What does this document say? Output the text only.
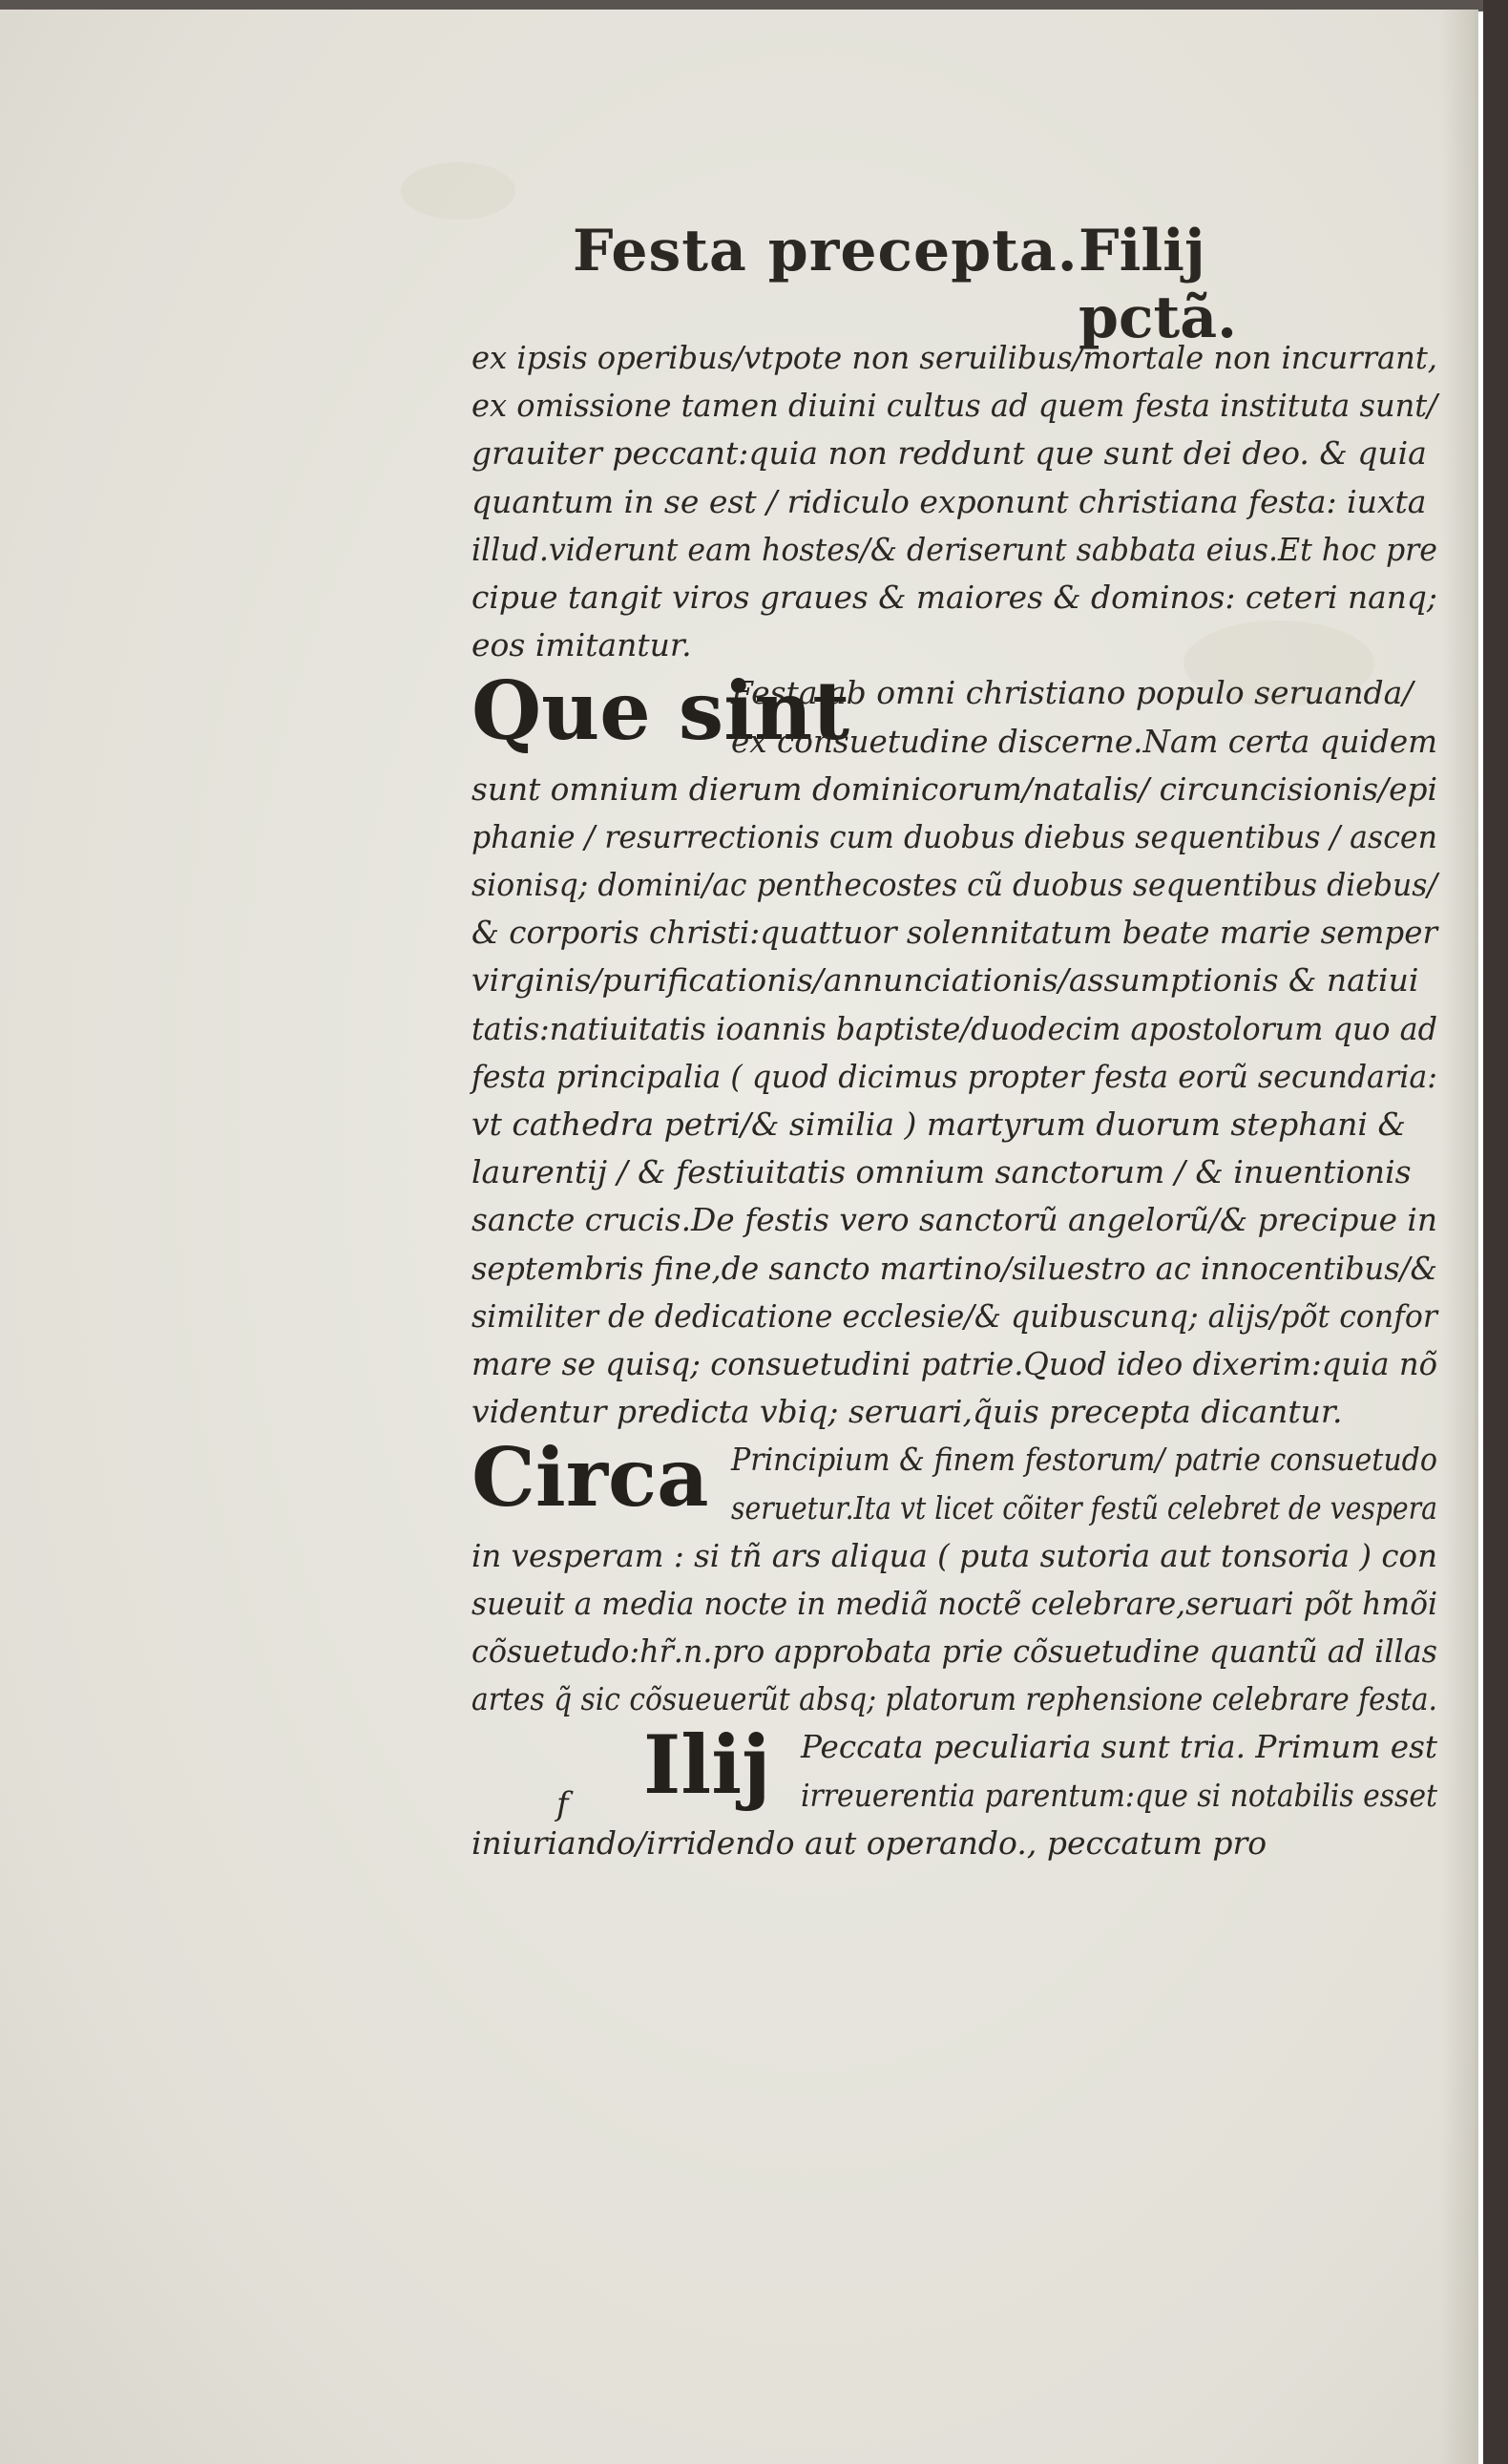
Festa precepta. Filij pctã.
ex ipsis operibus/vtpote non seruilibus/mortale non incurrant,
ex omissione tamen diuini cultus ad quem festa instituta sunt/
grauiter peccant:quia non reddunt que sunt dei deo. & quia
quantum in se est / ridiculo exponunt christiana festa: iuxta
illud.viderunt eam hostes/& deriserunt sabbata eius.Et hoc pre
cipue tangit viros graues & maiores & dominos: ceteri nanq;
eos imitantur.
Que sint
Festa ab omni christiano populo seruanda/
ex consuetudine discerne.Nam certa quidem
sunt omnium dierum dominicorum/natalis/ circuncisionis/epi
phanie / resurrectionis cum duobus diebus sequentibus / ascen
sionisq; domini/ac penthecostes cũ duobus sequentibus diebus/
& corporis christi:quattuor solennitatum beate marie semper
virginis/purificationis/annunciationis/assumptionis & natiui
tatis:natiuitatis ioannis baptiste/duodecim apostolorum quo ad
festa principalia ( quod dicimus propter festa eorũ secundaria:
vt cathedra petri/& similia ) martyrum duorum stephani &
laurentij / & festiuitatis omnium sanctorum / & inuentionis
sancte crucis.De festis vero sanctorũ angelorũ/& precipue in
septembris fine,de sancto martino/siluestro ac innocentibus/&
similiter de dedicatione ecclesie/& quibuscunq; alijs/põt confor
mare se quisq; consuetudini patrie.Quod ideo dixerim:quia nõ
videntur predicta vbiq; seruari,q̃uis precepta dicantur.
Circa Principium & finem festorum/ patrie consuetudo
seruetur.Ita vt licet cõiter festũ celebret de vespera
in vesperam : si tñ ars aliqua ( puta sutoria aut tonsoria ) con
sueuit a media nocte in mediã noctẽ celebrare,seruari põt hmõi
cõsuetudo:hr̃.n.pro approbata prie cõsuetudine quantũ ad illas
artes q̃ sic cõsueuerũt absq; platorum rephensione celebrare festa.
Ilij Peccata peculiaria sunt tria. Primum est
irreuerentia parentum:que si notabilis esset
iniuriando/irridendo aut operando., peccatum pro
f
